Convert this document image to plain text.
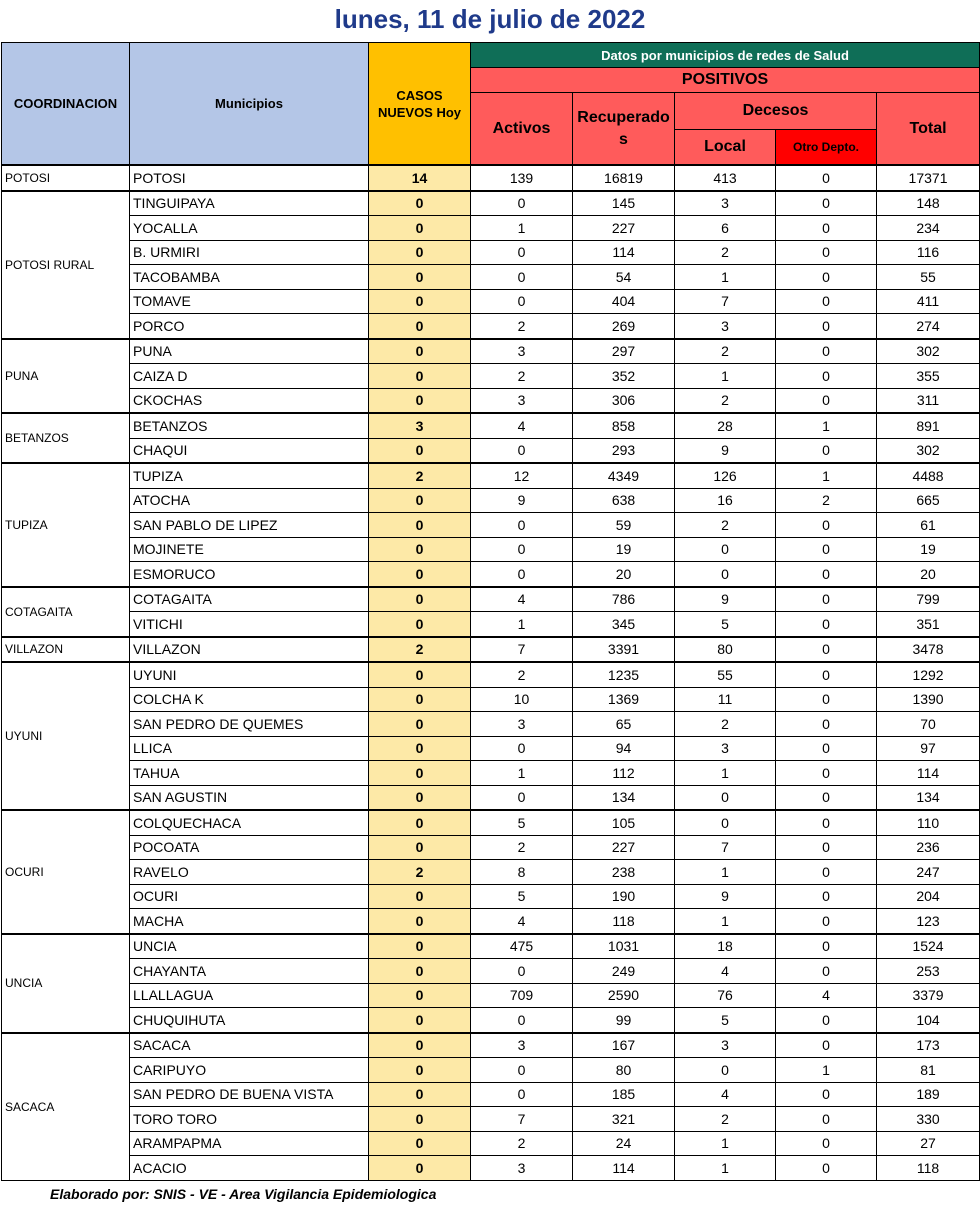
lunes, 11 de julio de 2022
COORDINACION	Municipios	CASOS NUEVOS Hoy	Datos por municipios de redes de Salud				
			POSITIVOS				
			Activos	Recuperados	Decesos		Total
					Local	Otro Depto.	
POTOSI	POTOSI	14	139	16819	413	0	17371
POTOSI RURAL	TINGUIPAYA	0	0	145	3	0	148
	YOCALLA	0	1	227	6	0	234
	B. URMIRI	0	0	114	2	0	116
	TACOBAMBA	0	0	54	1	0	55
	TOMAVE	0	0	404	7	0	411
	PORCO	0	2	269	3	0	274
PUNA	PUNA	0	3	297	2	0	302
	CAIZA D	0	2	352	1	0	355
	CKOCHAS	0	3	306	2	0	311
BETANZOS	BETANZOS	3	4	858	28	1	891
	CHAQUI	0	0	293	9	0	302
TUPIZA	TUPIZA	2	12	4349	126	1	4488
	ATOCHA	0	9	638	16	2	665
	SAN PABLO DE LIPEZ	0	0	59	2	0	61
	MOJINETE	0	0	19	0	0	19
	ESMORUCO	0	0	20	0	0	20
COTAGAITA	COTAGAITA	0	4	786	9	0	799
	VITICHI	0	1	345	5	0	351
VILLAZON	VILLAZON	2	7	3391	80	0	3478
UYUNI	UYUNI	0	2	1235	55	0	1292
	COLCHA K	0	10	1369	11	0	1390
	SAN PEDRO DE QUEMES	0	3	65	2	0	70
	LLICA	0	0	94	3	0	97
	TAHUA	0	1	112	1	0	114
	SAN AGUSTIN	0	0	134	0	0	134
OCURI	COLQUECHACA	0	5	105	0	0	110
	POCOATA	0	2	227	7	0	236
	RAVELO	2	8	238	1	0	247
	OCURI	0	5	190	9	0	204
	MACHA	0	4	118	1	0	123
UNCIA	UNCIA	0	475	1031	18	0	1524
	CHAYANTA	0	0	249	4	0	253
	LLALLAGUA	0	709	2590	76	4	3379
	CHUQUIHUTA	0	0	99	5	0	104
SACACA	SACACA	0	3	167	3	0	173
	CARIPUYO	0	0	80	0	1	81
	SAN PEDRO DE BUENA VISTA	0	0	185	4	0	189
	TORO TORO	0	7	321	2	0	330
	ARAMPAPMA	0	2	24	1	0	27
	ACACIO	0	3	114	1	0	118
Elaborado por: SNIS - VE - Area Vigilancia Epidemiologica
